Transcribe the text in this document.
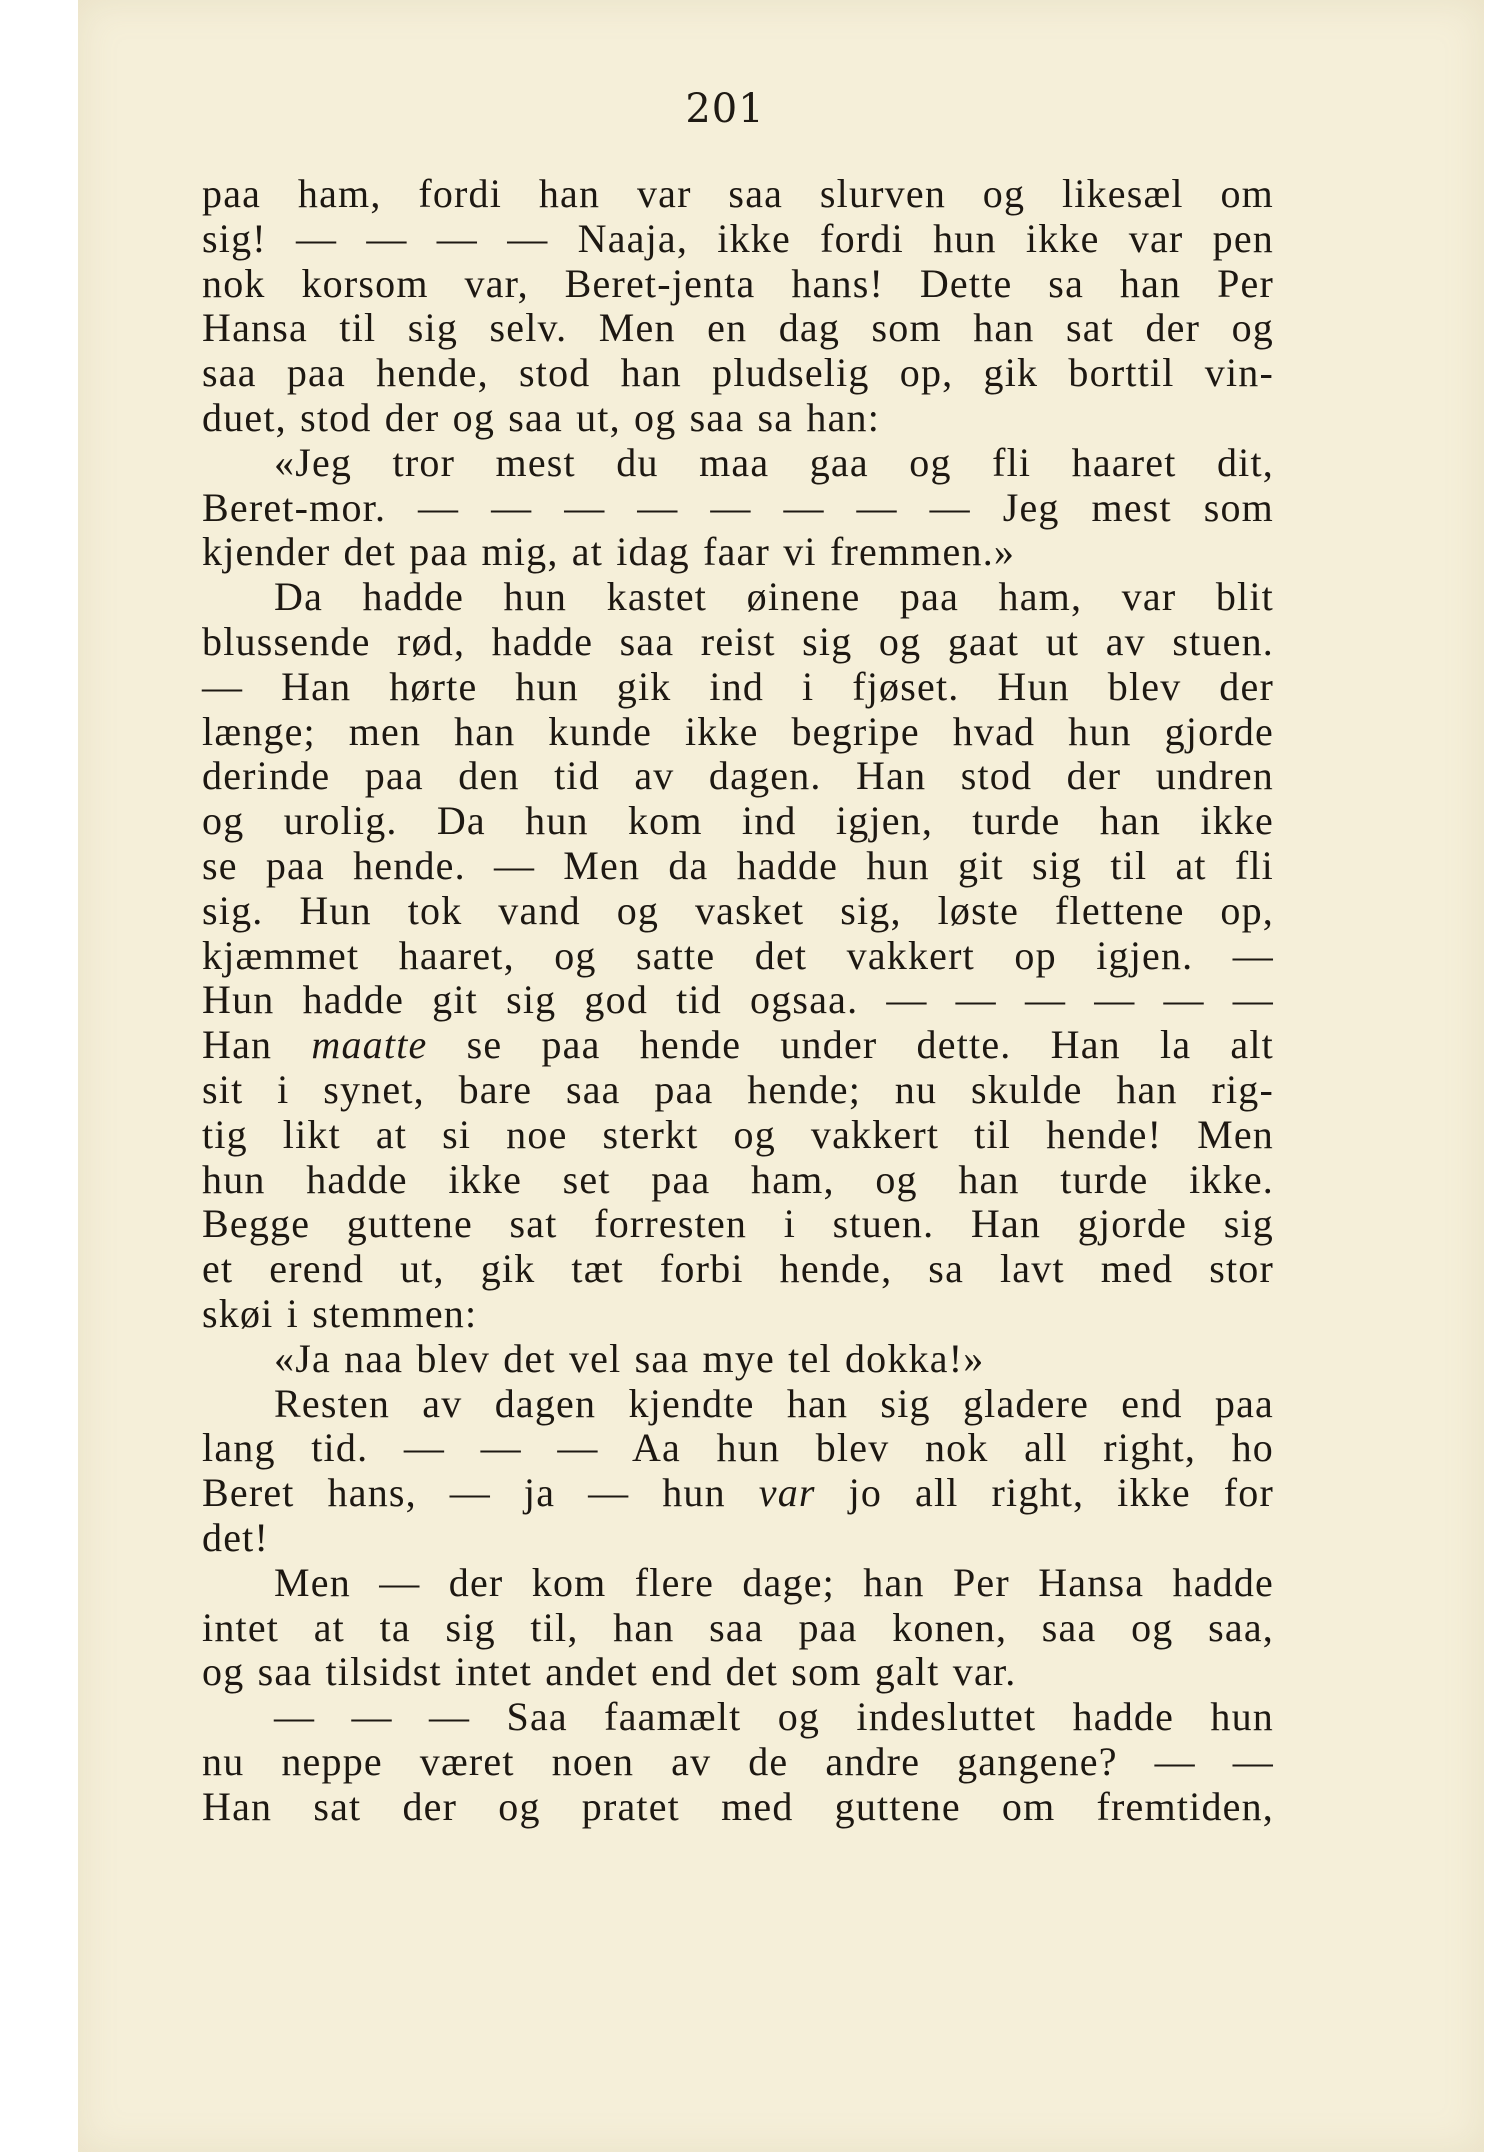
201
paa ham, fordi han var saa slurven og likesæl om
sig! — — — — Naaja, ikke fordi hun ikke var pen
nok korsom var, Beret-jenta hans! Dette sa han Per
Hansa til sig selv. Men en dag som han sat der og
saa paa hende, stod han pludselig op, gik borttil vin-
duet, stod der og saa ut, og saa sa han:
«Jeg tror mest du maa gaa og fli haaret dit,
Beret-mor. — — — — — — — — Jeg mest som
kjender det paa mig, at idag faar vi fremmen.»
Da hadde hun kastet øinene paa ham, var blit
blussende rød, hadde saa reist sig og gaat ut av stuen.
— Han hørte hun gik ind i fjøset. Hun blev der
længe; men han kunde ikke begripe hvad hun gjorde
derinde paa den tid av dagen. Han stod der undren
og urolig. Da hun kom ind igjen, turde han ikke
se paa hende. — Men da hadde hun git sig til at fli
sig. Hun tok vand og vasket sig, løste flettene op,
kjæmmet haaret, og satte det vakkert op igjen. —
Hun hadde git sig god tid ogsaa. — — — — — —
Han maatte se paa hende under dette. Han la alt
sit i synet, bare saa paa hende; nu skulde han rig-
tig likt at si noe sterkt og vakkert til hende! Men
hun hadde ikke set paa ham, og han turde ikke.
Begge guttene sat forresten i stuen. Han gjorde sig
et erend ut, gik tæt forbi hende, sa lavt med stor
skøi i stemmen:
«Ja naa blev det vel saa mye tel dokka!»
Resten av dagen kjendte han sig gladere end paa
lang tid. — — — Aa hun blev nok all right, ho
Beret hans, — ja — hun var jo all right, ikke for
det!
Men — der kom flere dage; han Per Hansa hadde
intet at ta sig til, han saa paa konen, saa og saa,
og saa tilsidst intet andet end det som galt var.
— — — Saa faamælt og indesluttet hadde hun
nu neppe været noen av de andre gangene? — —
Han sat der og pratet med guttene om fremtiden,
